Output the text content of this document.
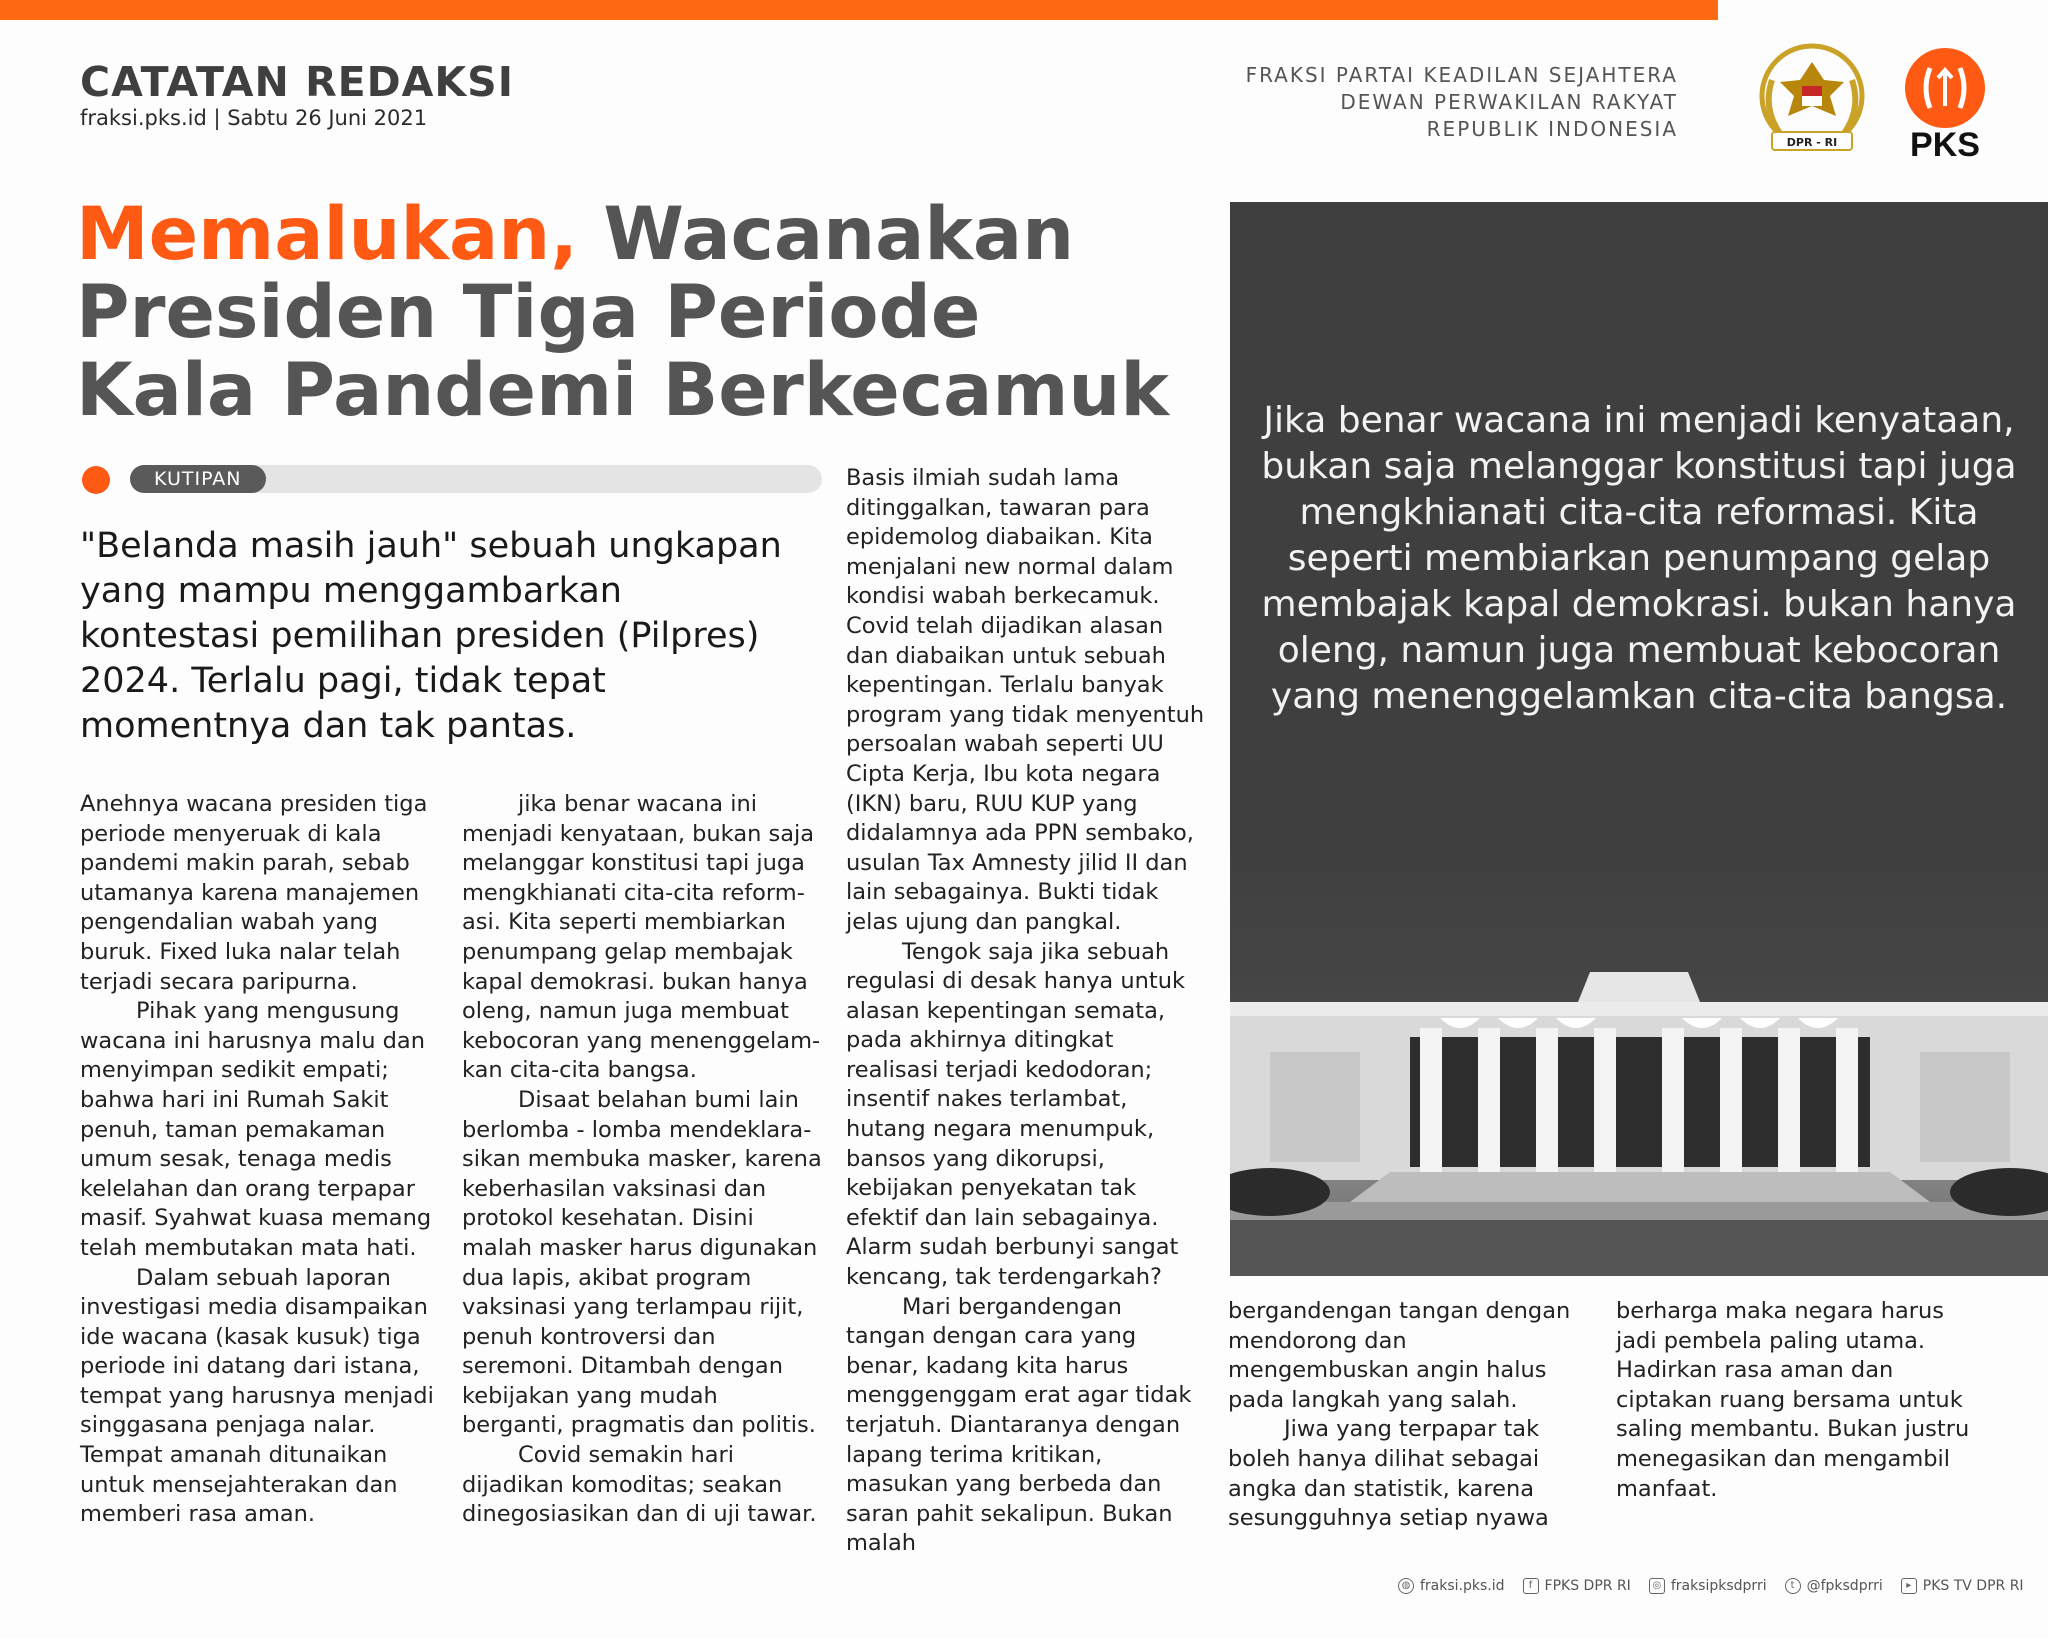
CATATAN REDAKSI
fraksi.pks.id | Sabtu 26 Juni 2021
FRAKSI PARTAI KEADILAN SEJAHTERA
DEWAN PERWAKILAN RAKYAT
REPUBLIK INDONESIA
DPR - RI PKS
Memalukan, Wacanakan
Presiden Tiga Periode
Kala Pandemi Berkecamuk
KUTIPAN
"Belanda masih jauh" sebuah ungkapan yang mampu menggambarkan kontestasi pemilihan presiden (Pilpres) 2024. Terlalu pagi, tidak tepat momentnya dan tak pantas.

Anehnya wacana presiden tiga periode menyeruak di kala pandemi makin parah, sebab utamanya karena manajemen pengendalian wabah yang buruk. Fixed luka nalar telah terjadi secara paripurna.

Pihak yang mengusung wacana ini harusnya malu dan menyimpan sedikit empati; bahwa hari ini Rumah Sakit penuh, taman pemakaman umum sesak, tenaga medis kelelahan dan orang terpapar masif. Syahwat kuasa memang telah membutakan mata hati.

Dalam sebuah laporan investigasi media disampaikan ide wacana (kasak kusuk) tiga periode ini datang dari istana, tempat yang harusnya menjadi singgasana penjaga nalar. Tempat amanah ditunaikan untuk mensejahterakan dan memberi rasa aman.

jika benar wacana ini menjadi kenyataan, bukan saja melanggar konstitusi tapi juga mengkhianati cita-cita reform-asi. Kita seperti membiarkan penumpang gelap membajak kapal demokrasi. bukan hanya oleng, namun juga membuat kebocoran yang menenggelam-kan cita-cita bangsa.

Disaat belahan bumi lain berlomba - lomba mendeklara-sikan membuka masker, karena keberhasilan vaksinasi dan protokol kesehatan. Disini malah masker harus digunakan dua lapis, akibat program vaksinasi yang terlampau rijit, penuh kontroversi dan seremoni. Ditambah dengan kebijakan yang mudah berganti, pragmatis dan politis.

Covid semakin hari dijadikan komoditas; seakan dinegosiasikan dan di uji tawar.

Basis ilmiah sudah lama ditinggalkan, tawaran para epidemolog diabaikan. Kita menjalani new normal dalam kondisi wabah berkecamuk. Covid telah dijadikan alasan dan diabaikan untuk sebuah kepentingan. Terlalu banyak program yang tidak menyentuh persoalan wabah seperti UU Cipta Kerja, Ibu kota negara (IKN) baru, RUU KUP yang didalamnya ada PPN sembako, usulan Tax Amnesty jilid II dan lain sebagainya. Bukti tidak jelas ujung dan pangkal.

Tengok saja jika sebuah regulasi di desak hanya untuk alasan kepentingan semata, pada akhirnya ditingkat realisasi terjadi kedodoran; insentif nakes terlambat, hutang negara menumpuk, bansos yang dikorupsi, kebijakan penyekatan tak efektif dan lain sebagainya. Alarm sudah berbunyi sangat kencang, tak terdengarkah?

Mari bergandengan tangan dengan cara yang benar, kadang kita harus menggenggam erat agar tidak terjatuh. Diantaranya dengan lapang terima kritikan, masukan yang berbeda dan saran pahit sekalipun. Bukan malah

Jika benar wacana ini menjadi kenyataan, bukan saja melanggar konstitusi tapi juga mengkhianati cita-cita reformasi. Kita seperti membiarkan penumpang gelap membajak kapal demokrasi. bukan hanya oleng, namun juga membuat kebocoran yang menenggelamkan cita-cita bangsa.

bergandengan tangan dengan mendorong dan mengembuskan angin halus pada langkah yang salah.

Jiwa yang terpapar tak boleh hanya dilihat sebagai angka dan statistik, karena sesungguhnya setiap nyawa

berharga maka negara harus jadi pembela paling utama. Hadirkan rasa aman dan ciptakan ruang bersama untuk saling membantu. Bukan justru menegasikan dan mengambil manfaat.

◍ fraksi.pks.id	f FPKS DPR RI	◎ fraksipksdprri	t @fpksdprri	▸ PKS TV DPR RI
